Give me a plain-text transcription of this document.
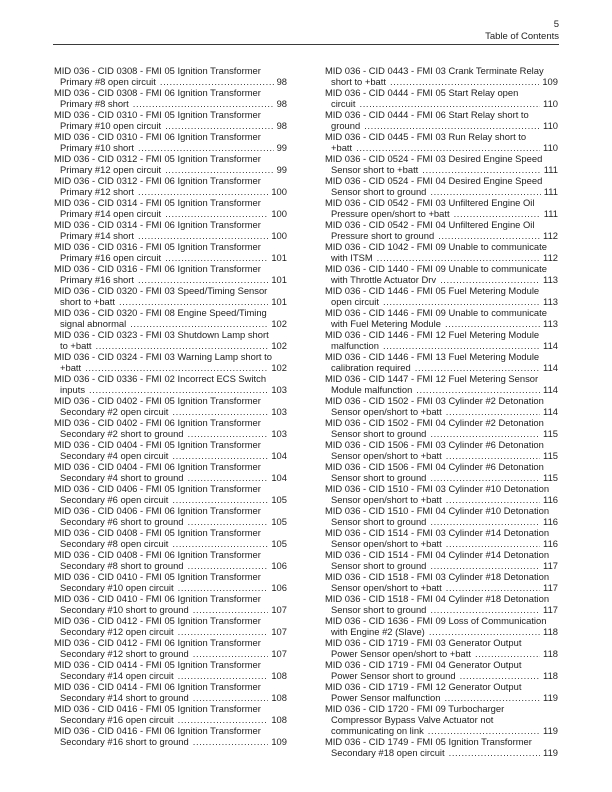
5
Table of Contents
MID 036 - CID 0308 - FMI 05 Ignition Transformer
Primary #8 open circuit .....	98
MID 036 - CID 0308 - FMI 06 Ignition Transformer
Primary #8 short .....	98
MID 036 - CID 0310 - FMI 05 Ignition Transformer
Primary #10 open circuit .....	98
MID 036 - CID 0310 - FMI 06 Ignition Transformer
Primary #10 short .....	99
MID 036 - CID 0312 - FMI 05 Ignition Transformer
Primary #12 open circuit .....	99
MID 036 - CID 0312 - FMI 06 Ignition Transformer
Primary #12 short .....	100
MID 036 - CID 0314 - FMI 05 Ignition Transformer
Primary #14 open circuit .....	100
MID 036 - CID 0314 - FMI 06 Ignition Transformer
Primary #14 short .....	100
MID 036 - CID 0316 - FMI 05 Ignition Transformer
Primary #16 open circuit .....	101
MID 036 - CID 0316 - FMI 06 Ignition Transformer
Primary #16 short .....	101
MID 036 - CID 0320 - FMI 03 Speed/Timing Sensor
short to +batt .....	101
MID 036 - CID 0320 - FMI 08 Engine Speed/Timing
signal abnormal .....	102
MID 036 - CID 0323 - FMI 03 Shutdown Lamp short
to +batt .....	102
MID 036 - CID 0324 - FMI 03 Warning Lamp short to
+batt .....	102
MID 036 - CID 0336 - FMI 02 Incorrect ECS Switch
inputs .....	103
MID 036 - CID 0402 - FMI 05 Ignition Transformer
Secondary #2 open circuit .....	103
MID 036 - CID 0402 - FMI 06 Ignition Transformer
Secondary #2 short to ground .....	103
MID 036 - CID 0404 - FMI 05 Ignition Transformer
Secondary #4 open circuit .....	104
MID 036 - CID 0404 - FMI 06 Ignition Transformer
Secondary #4 short to ground .....	104
MID 036 - CID 0406 - FMI 05 Ignition Transformer
Secondary #6 open circuit .....	105
MID 036 - CID 0406 - FMI 06 Ignition Transformer
Secondary #6 short to ground .....	105
MID 036 - CID 0408 - FMI 05 Ignition Transformer
Secondary #8 open circuit .....	105
MID 036 - CID 0408 - FMI 06 Ignition Transformer
Secondary #8 short to ground .....	106
MID 036 - CID 0410 - FMI 05 Ignition Transformer
Secondary #10 open circuit .....	106
MID 036 - CID 0410 - FMI 06 Ignition Transformer
Secondary #10 short to ground .....	107
MID 036 - CID 0412 - FMI 05 Ignition Transformer
Secondary #12 open circuit .....	107
MID 036 - CID 0412 - FMI 06 Ignition Transformer
Secondary #12 short to ground .....	107
MID 036 - CID 0414 - FMI 05 Ignition Transformer
Secondary #14 open circuit .....	108
MID 036 - CID 0414 - FMI 06 Ignition Transformer
Secondary #14 short to ground .....	108
MID 036 - CID 0416 - FMI 05 Ignition Transformer
Secondary #16 open circuit .....	108
MID 036 - CID 0416 - FMI 06 Ignition Transformer
Secondary #16 short to ground .....	109
MID 036 - CID 0443 - FMI 03 Crank Terminate Relay
short to +batt .....	109
MID 036 - CID 0444 - FMI 05 Start Relay open
circuit .....	110
MID 036 - CID 0444 - FMI 06 Start Relay short to
ground .....	110
MID 036 - CID 0445 - FMI 03 Run Relay short to
+batt .....	110
MID 036 - CID 0524 - FMI 03 Desired Engine Speed
Sensor short to +batt .....	111
MID 036 - CID 0524 - FMI 04 Desired Engine Speed
Sensor short to ground .....	111
MID 036 - CID 0542 - FMI 03 Unfiltered Engine Oil
Pressure open/short to +batt .....	111
MID 036 - CID 0542 - FMI 04 Unfiltered Engine Oil
Pressure short to ground .....	112
MID 036 - CID 1042 - FMI 09 Unable to communicate
with ITSM .....	112
MID 036 - CID 1440 - FMI 09 Unable to communicate
with Throttle Actuator Drv .....	113
MID 036 - CID 1446 - FMI 05 Fuel Metering Module
open circuit .....	113
MID 036 - CID 1446 - FMI 09 Unable to communicate
with Fuel Metering Module .....	113
MID 036 - CID 1446 - FMI 12 Fuel Metering Module
malfunction .....	114
MID 036 - CID 1446 - FMI 13 Fuel Metering Module
calibration required .....	114
MID 036 - CID 1447 - FMI 12 Fuel Metering Sensor
Module malfunction .....	114
MID 036 - CID 1502 - FMI 03 Cylinder #2 Detonation
Sensor open/short to +batt .....	114
MID 036 - CID 1502 - FMI 04 Cylinder #2 Detonation
Sensor short to ground .....	115
MID 036 - CID 1506 - FMI 03 Cylinder #6 Detonation
Sensor open/short to +batt .....	115
MID 036 - CID 1506 - FMI 04 Cylinder #6 Detonation
Sensor short to ground .....	115
MID 036 - CID 1510 - FMI 03 Cylinder #10 Detonation
Sensor open/short to +batt .....	116
MID 036 - CID 1510 - FMI 04 Cylinder #10 Detonation
Sensor short to ground .....	116
MID 036 - CID 1514 - FMI 03 Cylinder #14 Detonation
Sensor open/short to +batt .....	116
MID 036 - CID 1514 - FMI 04 Cylinder #14 Detonation
Sensor short to ground .....	117
MID 036 - CID 1518 - FMI 03 Cylinder #18 Detonation
Sensor open/short to +batt .....	117
MID 036 - CID 1518 - FMI 04 Cylinder #18 Detonation
Sensor short to ground .....	117
MID 036 - CID 1636 - FMI 09 Loss of Communication
with Engine #2 (Slave) .....	118
MID 036 - CID 1719 - FMI 03 Generator Output
Power Sensor open/short to +batt .....	118
MID 036 - CID 1719 - FMI 04 Generator Output
Power Sensor short to ground .....	118
MID 036 - CID 1719 - FMI 12 Generator Output
Power Sensor malfunction .....	119
MID 036 - CID 1720 - FMI 09 Turbocharger
Compressor Bypass Valve Actuator not
communicating on link .....	119
MID 036 - CID 1749 - FMI 05 Ignition Transformer
Secondary #18 open circuit .....	119
